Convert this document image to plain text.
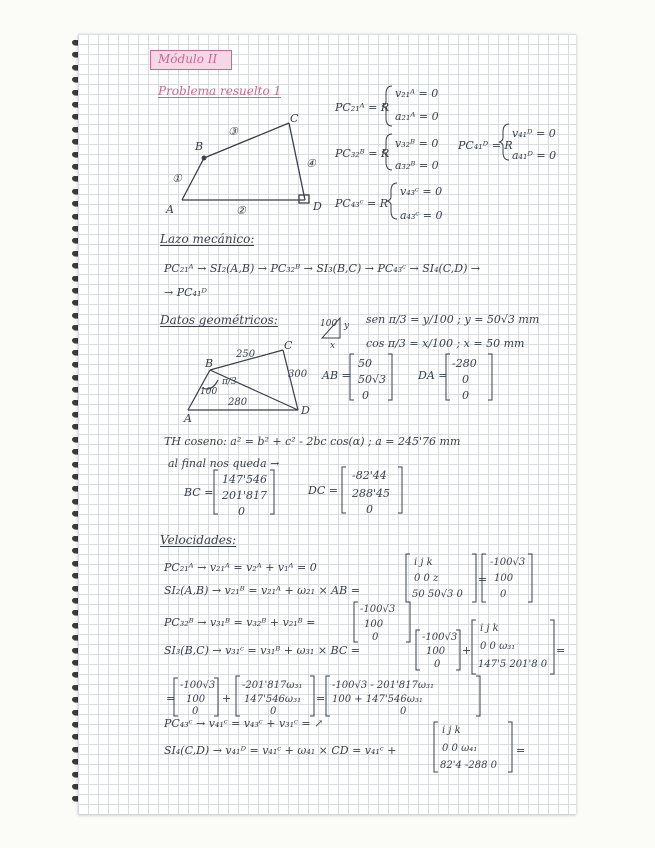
Módulo II
Problema resuelto 1
PC₂₁ᴬ = R
v₂₁ᴬ = 0
a₂₁ᴬ = 0
PC₃₂ᴮ = R
v₃₂ᴮ = 0
a₃₂ᴮ = 0
PC₄₁ᴰ = R
v₄₁ᴰ = 0
a₄₁ᴰ = 0
PC₄₃ᶜ = R
v₄₃ᶜ = 0
a₄₃ᶜ = 0
A
B
C
D
①
②
③
④
Lazo mecánico:
PC₂₁ᴬ → SI₂(A,B) → PC₃₂ᴮ → SI₃(B,C) → PC₄₃ᶜ → SI₄(C,D) →
→ PC₄₁ᴰ
Datos geométricos:	100 y
x
sen π/3 = y/100 ; y = 50√3 mm
cos π/3 = x/100 ; x = 50 mm
AB =
50
50√3
0
DA =
-280
0
0
A
B
C
D
250
300
280
100
π/3
TH coseno: a² = b² + c² - 2bc cos(α) ; a = 245'76 mm
al final nos queda →
BC =
147'546
201'817
0
DC =
-82'44
288'45
0
Velocidades:
PC₂₁ᴬ → v₂₁ᴬ = v₂ᴬ + v₁ᴬ = 0
SI₂(A,B) → v₂₁ᴮ = v₂₁ᴬ + ω₂₁ × AB =
i j k
0 0 z
50 50√3 0
=
-100√3
100
0
PC₃₂ᴮ → v₃₁ᴮ = v₃₂ᴮ + v₂₁ᴮ =
-100√3
100
0
SI₃(B,C) → v₃₁ᶜ = v₃₁ᴮ + ω₃₁ × BC =
-100√3
100
0
+
i j k
0 0 ω₃₁
147'5 201'8 0
=
=
-100√3
100
0
+
-201'817ω₃₁
147'546ω₃₁
0
=
-100√3 - 201'817ω₃₁
100 + 147'546ω₃₁
0
PC₄₃ᶜ → v₄₁ᶜ = v₄₃ᶜ + v₃₁ᶜ = ↗
SI₄(C,D) → v₄₁ᴰ = v₄₁ᶜ + ω₄₁ × CD = v₄₁ᶜ +
i j k
0 0 ω₄₁
82'4 -288 0
=
